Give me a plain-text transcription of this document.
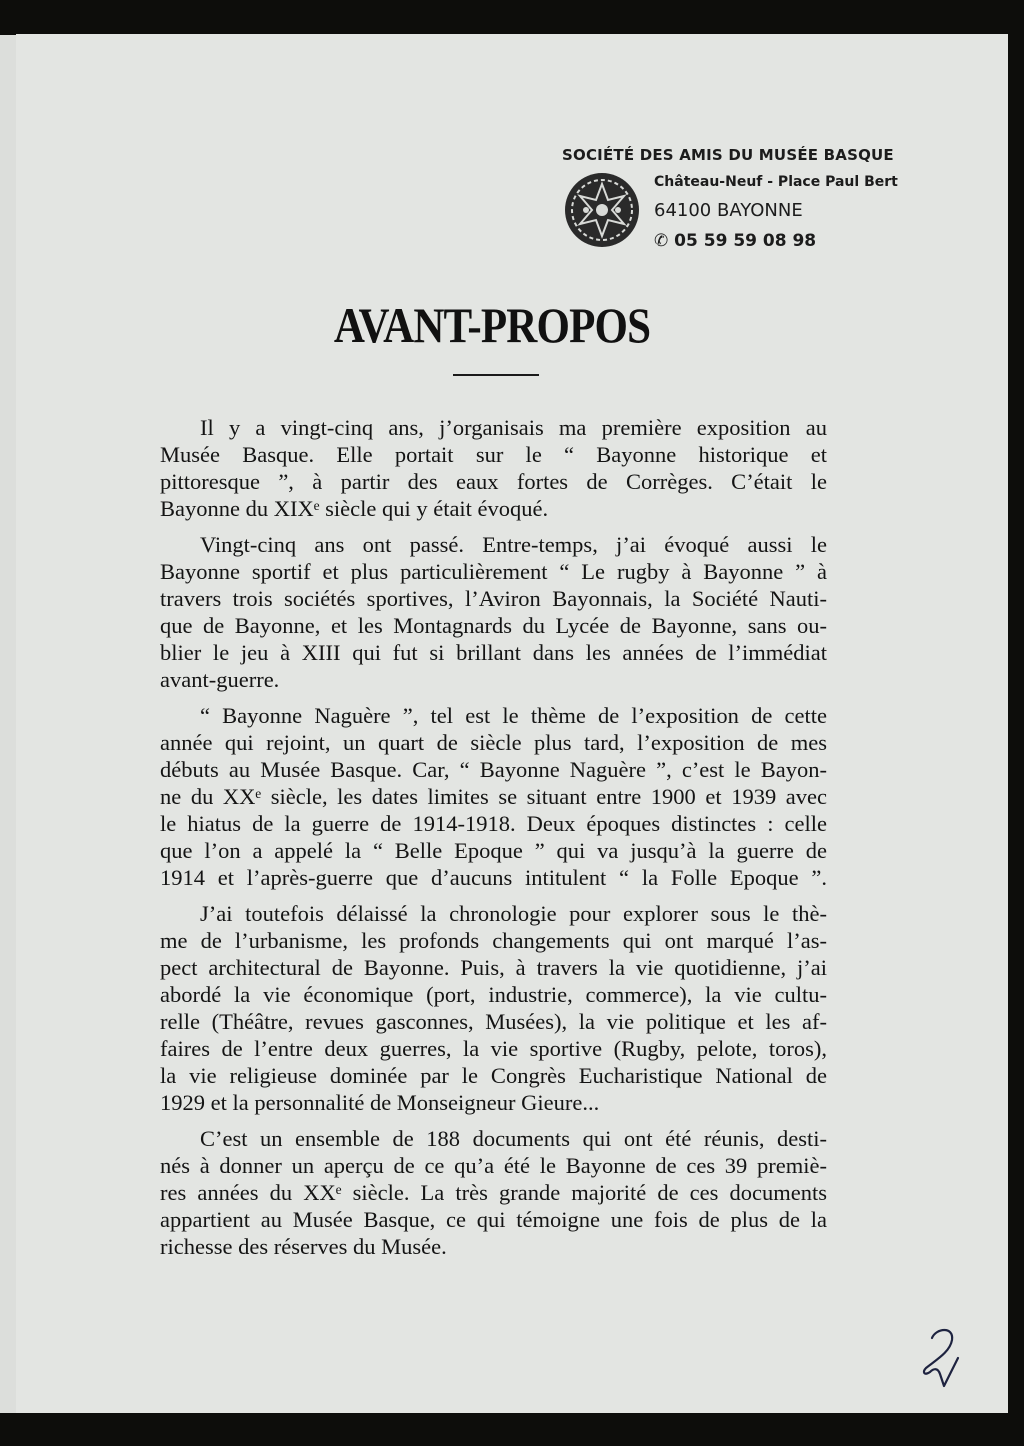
SOCIÉTÉ DES AMIS DU MUSÉE BASQUE
Château-Neuf - Place Paul Bert
64100 BAYONNE
✆ 05 59 59 08 98
AVANT-PROPOS
Il y a vingt-cinq ans, j’organisais ma première exposition au
Musée Basque. Elle portait sur le “ Bayonne historique et
pittoresque ”, à partir des eaux fortes de Corrèges. C’était le
Bayonne du XIXᵉ siècle qui y était évoqué.
Vingt-cinq ans ont passé. Entre-temps, j’ai évoqué aussi le
Bayonne sportif et plus particulièrement “ Le rugby à Bayonne ” à
travers trois sociétés sportives, l’Aviron Bayonnais, la Société Nauti-
que de Bayonne, et les Montagnards du Lycée de Bayonne, sans ou-
blier le jeu à XIII qui fut si brillant dans les années de l’immédiat
avant-guerre.
“ Bayonne Naguère ”, tel est le thème de l’exposition de cette
année qui rejoint, un quart de siècle plus tard, l’exposition de mes
débuts au Musée Basque. Car, “ Bayonne Naguère ”, c’est le Bayon-
ne du XXᵉ siècle, les dates limites se situant entre 1900 et 1939 avec
le hiatus de la guerre de 1914-1918. Deux époques distinctes : celle
que l’on a appelé la “ Belle Epoque ” qui va jusqu’à la guerre de
1914 et l’après-guerre que d’aucuns intitulent “ la Folle Epoque ”.
J’ai toutefois délaissé la chronologie pour explorer sous le thè-
me de l’urbanisme, les profonds changements qui ont marqué l’as-
pect architectural de Bayonne. Puis, à travers la vie quotidienne, j’ai
abordé la vie économique (port, industrie, commerce), la vie cultu-
relle (Théâtre, revues gasconnes, Musées), la vie politique et les af-
faires de l’entre deux guerres, la vie sportive (Rugby, pelote, toros),
la vie religieuse dominée par le Congrès Eucharistique National de
1929 et la personnalité de Monseigneur Gieure...
C’est un ensemble de 188 documents qui ont été réunis, desti-
nés à donner un aperçu de ce qu’a été le Bayonne de ces 39 premiè-
res années du XXᵉ siècle. La très grande majorité de ces documents
appartient au Musée Basque, ce qui témoigne une fois de plus de la
richesse des réserves du Musée.
